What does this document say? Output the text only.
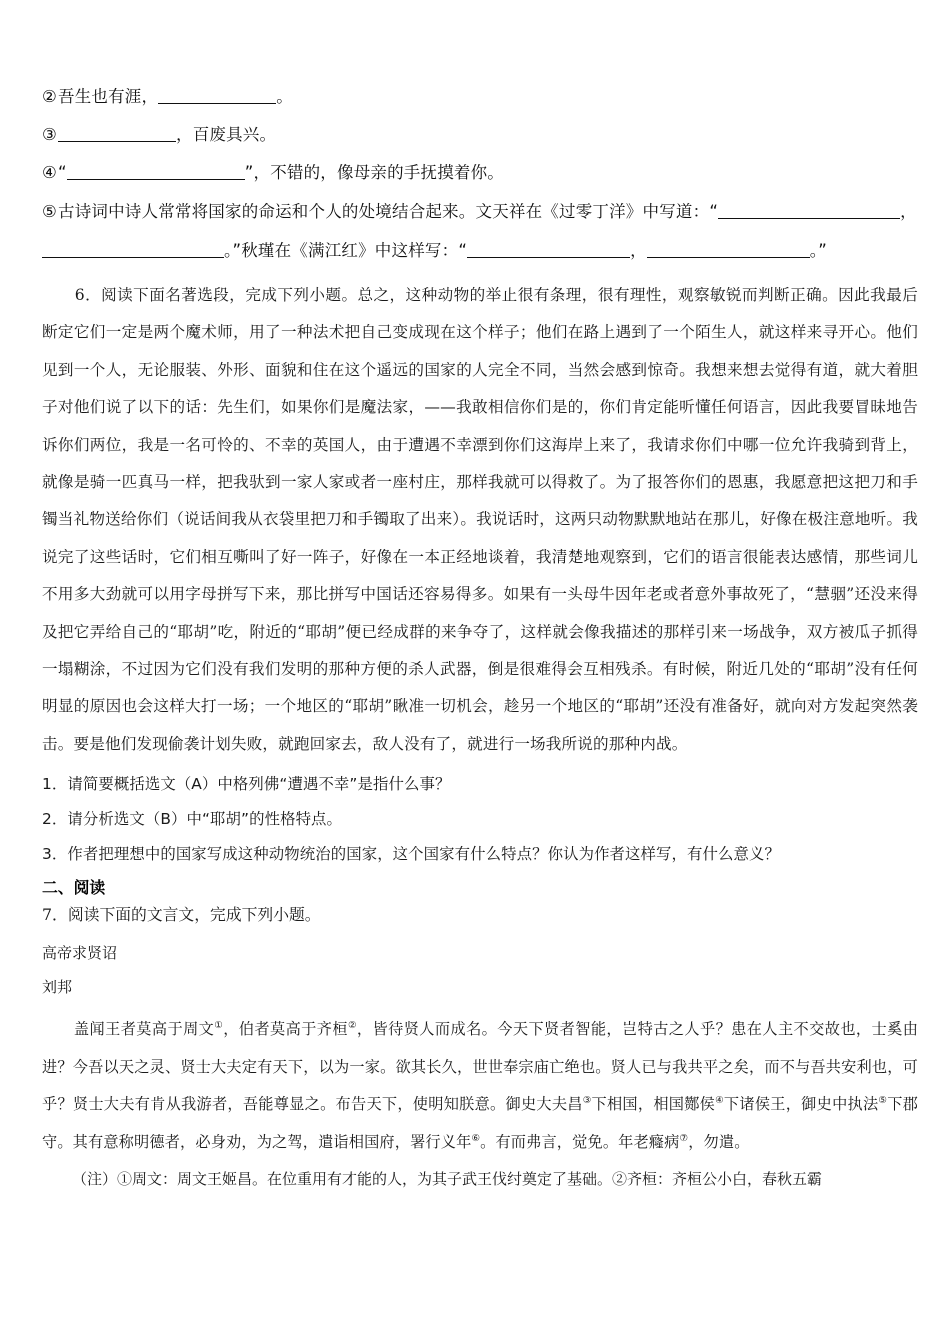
②吾生也有涯，	。
③	，百废具兴。
④“	”，不错的，像母亲的手抚摸着你。
⑤古诗词中诗人常常将国家的命运和个人的处境结合起来。文天祥在《过零丁洋》中写道：“	，。”秋瑾在《满江红》中这样写：“	，	。”

6．阅读下面名著选段，完成下列小题。总之，这种动物的举止很有条理，很有理性，观察敏锐而判断正确。因此我最后断定它们一定是两个魔术师，用了一种法术把自己变成现在这个样子；他们在路上遇到了一个陌生人，就这样来寻开心。他们见到一个人，无论服装、外形、面貌和住在这个遥远的国家的人完全不同，当然会感到惊奇。我想来想去觉得有道，就大着胆子对他们说了以下的话：先生们，如果你们是魔法家，——我敢相信你们是的，你们肯定能听懂任何语言，因此我要冒昧地告诉你们两位，我是一名可怜的、不幸的英国人，由于遭遇不幸漂到你们这海岸上来了，我请求你们中哪一位允许我骑到背上，就像是骑一匹真马一样，把我驮到一家人家或者一座村庄，那样我就可以得救了。为了报答你们的恩惠，我愿意把这把刀和手镯当礼物送给你们（说话间我从衣袋里把刀和手镯取了出来）。我说话时，这两只动物默默地站在那儿，好像在极注意地听。我说完了这些话时，它们相互嘶叫了好一阵子，好像在一本正经地谈着，我清楚地观察到，它们的语言很能表达感情，那些词儿不用多大劲就可以用字母拼写下来，那比拼写中国话还容易得多。如果有一头母牛因年老或者意外事故死了，“慧骃”还没来得及把它弄给自己的“耶胡”吃，附近的“耶胡”便已经成群的来争夺了，这样就会像我描述的那样引来一场战争，双方被瓜子抓得一塌糊涂，不过因为它们没有我们发明的那种方便的杀人武器，倒是很难得会互相残杀。有时候，附近几处的“耶胡”没有任何明显的原因也会这样大打一场；一个地区的“耶胡”瞅准一切机会，趁另一个地区的“耶胡”还没有准备好，就向对方发起突然袭击。要是他们发现偷袭计划失败，就跑回家去，敌人没有了，就进行一场我所说的那种内战。

1．请简要概括选文（A）中格列佛“遭遇不幸”是指什么事？
2．请分析选文（B）中“耶胡”的性格特点。
3．作者把理想中的国家写成这种动物统治的国家，这个国家有什么特点？你认为作者这样写，有什么意义？
二、阅读
7．阅读下面的文言文，完成下列小题。
高帝求贤诏
刘邦

盖闻王者莫高于周文①，伯者莫高于齐桓②，皆待贤人而成名。今天下贤者智能，岂特古之人乎？患在人主不交故也，士奚由进？今吾以天之灵、贤士大夫定有天下，以为一家。欲其长久，世世奉宗庙亡绝也。贤人已与我共平之矣，而不与吾共安利也，可乎？贤士大夫有肯从我游者，吾能尊显之。布告天下，使明知朕意。御史大夫昌③下相国，相国酂侯④下诸侯王，御史中执法⑤下郡守。其有意称明德者，必身劝，为之驾，遣诣相国府，署行义年⑥。有而弗言，觉免。年老癃病⑦，勿遣。

（注）①周文：周文王姬昌。在位重用有才能的人，为其子武王伐纣奠定了基础。②齐桓：齐桓公小白，春秋五霸
